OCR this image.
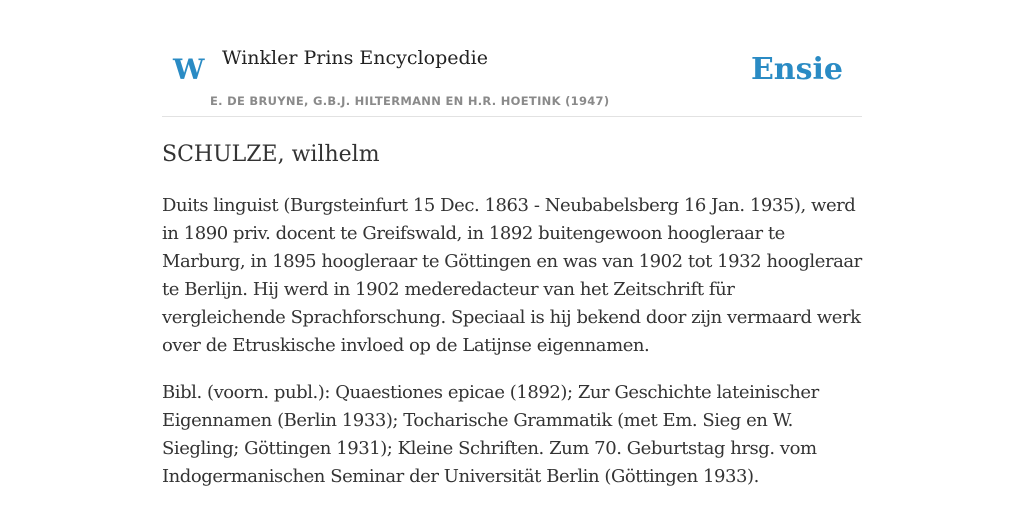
W Winkler Prins Encyclopedie
E. DE BRUYNE, G.B.J. HILTERMANN EN H.R. HOETINK (1947)
Ensie
SCHULZE, wilhelm

Duits linguist (Burgsteinfurt 15 Dec. 1863 - Neubabelsberg 16 Jan. 1935), werd in 1890 priv. docent te Greifswald, in 1892 buitengewoon hoogleraar te Marburg, in 1895 hoogleraar te Göttingen en was van 1902 tot 1932 hoogleraar te Berlijn. Hij werd in 1902 mederedacteur van het Zeitschrift für vergleichende Sprachforschung. Speciaal is hij bekend door zijn vermaard werk over de Etruskische invloed op de Latijnse eigennamen.

Bibl. (voorn. publ.): Quaestiones epicae (1892); Zur Geschichte lateinischer Eigennamen (Berlin 1933); Tocharische Grammatik (met Em. Sieg en W. Siegling; Göttingen 1931); Kleine Schriften. Zum 70. Geburtstag hrsg. vom Indogermanischen Seminar der Universität Berlin (Göttingen 1933).
